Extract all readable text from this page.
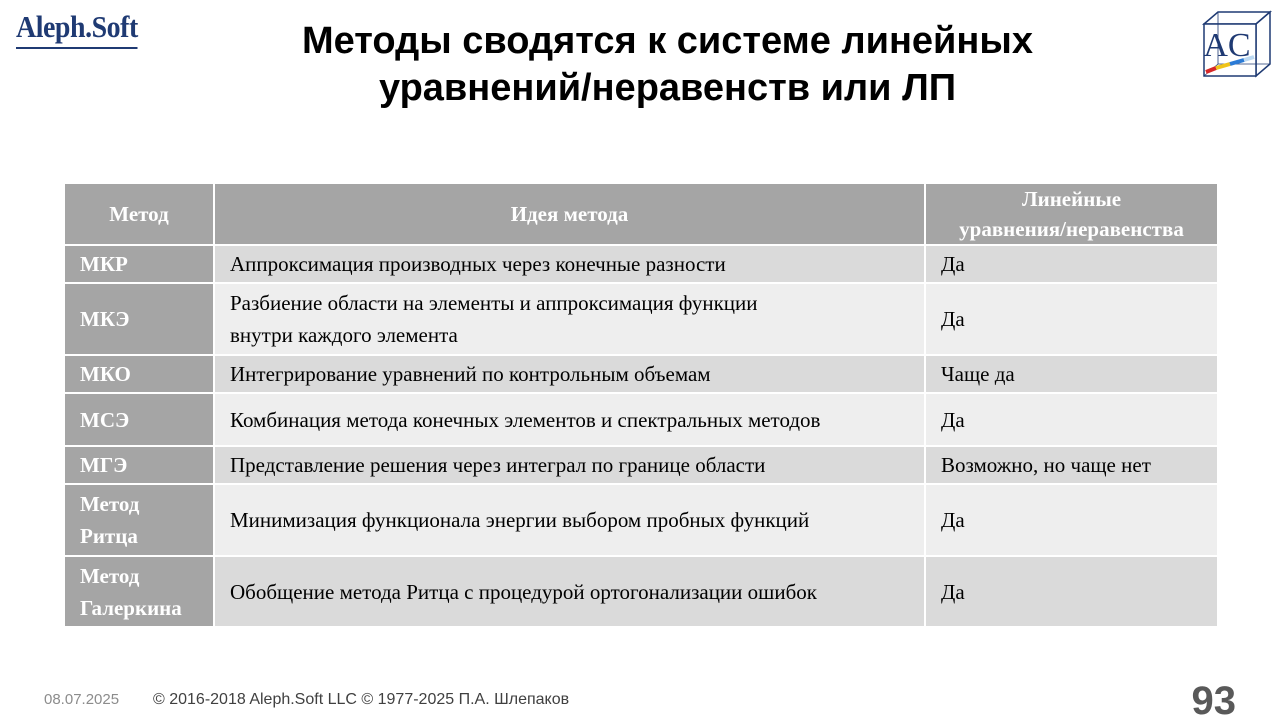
Aleph.Soft
AC
Методы сводятся к системе линейных
уравнений/неравенств или ЛП
Метод	Идея метода	Линейные
уравнения/неравенства

МКР	Аппроксимация производных через конечные разности	Да

МКЭ	Разбиение области на элементы и аппроксимация функции
внутри каждого элемента	Да

МКО	Интегрирование уравнений по контрольным объемам	Чаще да

МСЭ	Комбинация метода конечных элементов и спектральных методов	Да

МГЭ	Представление решения через интеграл по границе области	Возможно, но чаще нет

Метод
Ритца	Минимизация функционала энергии выбором пробных функций	Да

Метод
Галеркина	Обобщение метода Ритца с процедурой ортогонализации ошибок	Да
08.07.2025 © 2016-2018 Aleph.Soft LLC © 1977-2025 П.А. Шлепаков	93
